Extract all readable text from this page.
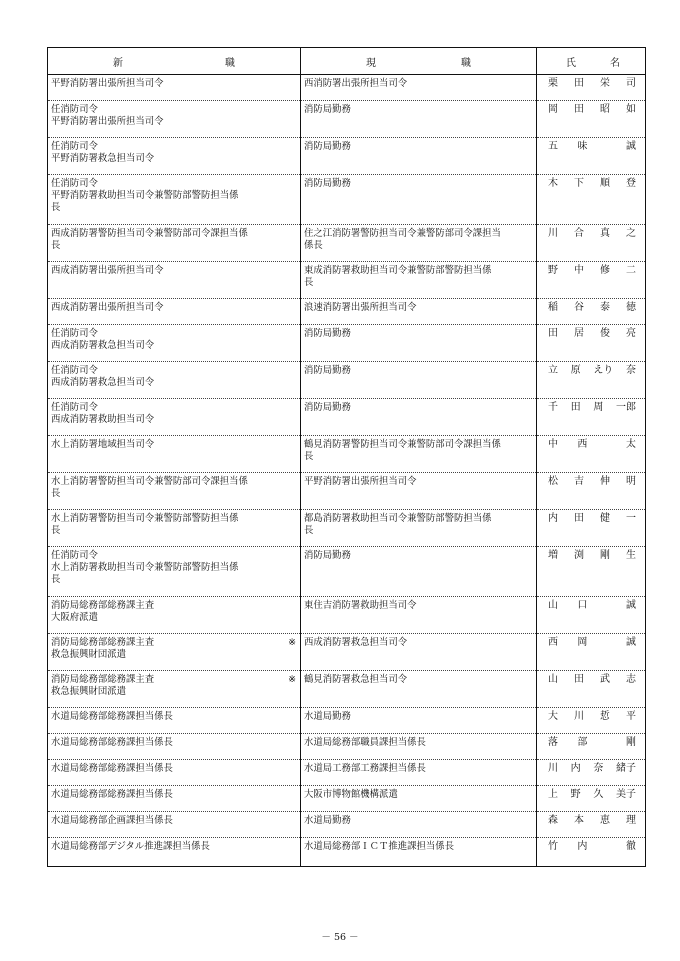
新 職	現 職	氏 名

平野消防署出張所担当司令	西消防署出張所担当司令	栗 田 栄 司

任消防司令
平野消防署出張所担当司令	消防局勤務	岡 田 昭 如

任消防司令
平野消防署救急担当司令	消防局勤務	五 味 誠

任消防司令
平野消防署救助担当司令兼警防部警防担当係
長	消防局勤務	木 下 順 登

西成消防署警防担当司令兼警防部司令課担当係
長	住之江消防署警防担当司令兼警防部司令課担当
係長	川 合 真 之

西成消防署出張所担当司令	東成消防署救助担当司令兼警防部警防担当係
長	野 中 修 二

西成消防署出張所担当司令	浪速消防署出張所担当司令	稲 谷 泰 徳

任消防司令
西成消防署救急担当司令	消防局勤務	田 居 俊 亮

任消防司令
西成消防署救急担当司令	消防局勤務	立 原 えり 奈

任消防司令
西成消防署救助担当司令	消防局勤務	千 田 周 一郎

水上消防署地域担当司令	鶴見消防署警防担当司令兼警防部司令課担当係
長	中 西 太

水上消防署警防担当司令兼警防部司令課担当係
長	平野消防署出張所担当司令	松 吉 伸 明

水上消防署警防担当司令兼警防部警防担当係
長	都島消防署救助担当司令兼警防部警防担当係
長	内 田 健 一

任消防司令
水上消防署救助担当司令兼警防部警防担当係
長	消防局勤務	増 渕 剛 生

消防局総務部総務課主査
大阪府派遣	東住吉消防署救助担当司令	山 口 誠

消防局総務部総務課主査
救急振興財団派遣
※	西成消防署救急担当司令	西 岡 誠

消防局総務部総務課主査
救急振興財団派遣
※	鶴見消防署救急担当司令	山 田 武 志

水道局総務部総務課担当係長	水道局勤務	大 川 悊 平

水道局総務部総務課担当係長	水道局総務部職員課担当係長	落 部 剛

水道局総務部総務課担当係長	水道局工務部工務課担当係長	川 内 奈 緒子

水道局総務部総務課担当係長	大阪市博物館機構派遣	上 野 久 美子

水道局総務部企画課担当係長	水道局勤務	森 本 恵 理

水道局総務部デジタル推進課担当係長	水道局総務部ＩＣＴ推進課担当係長	竹 内 徹
－ 56 －
